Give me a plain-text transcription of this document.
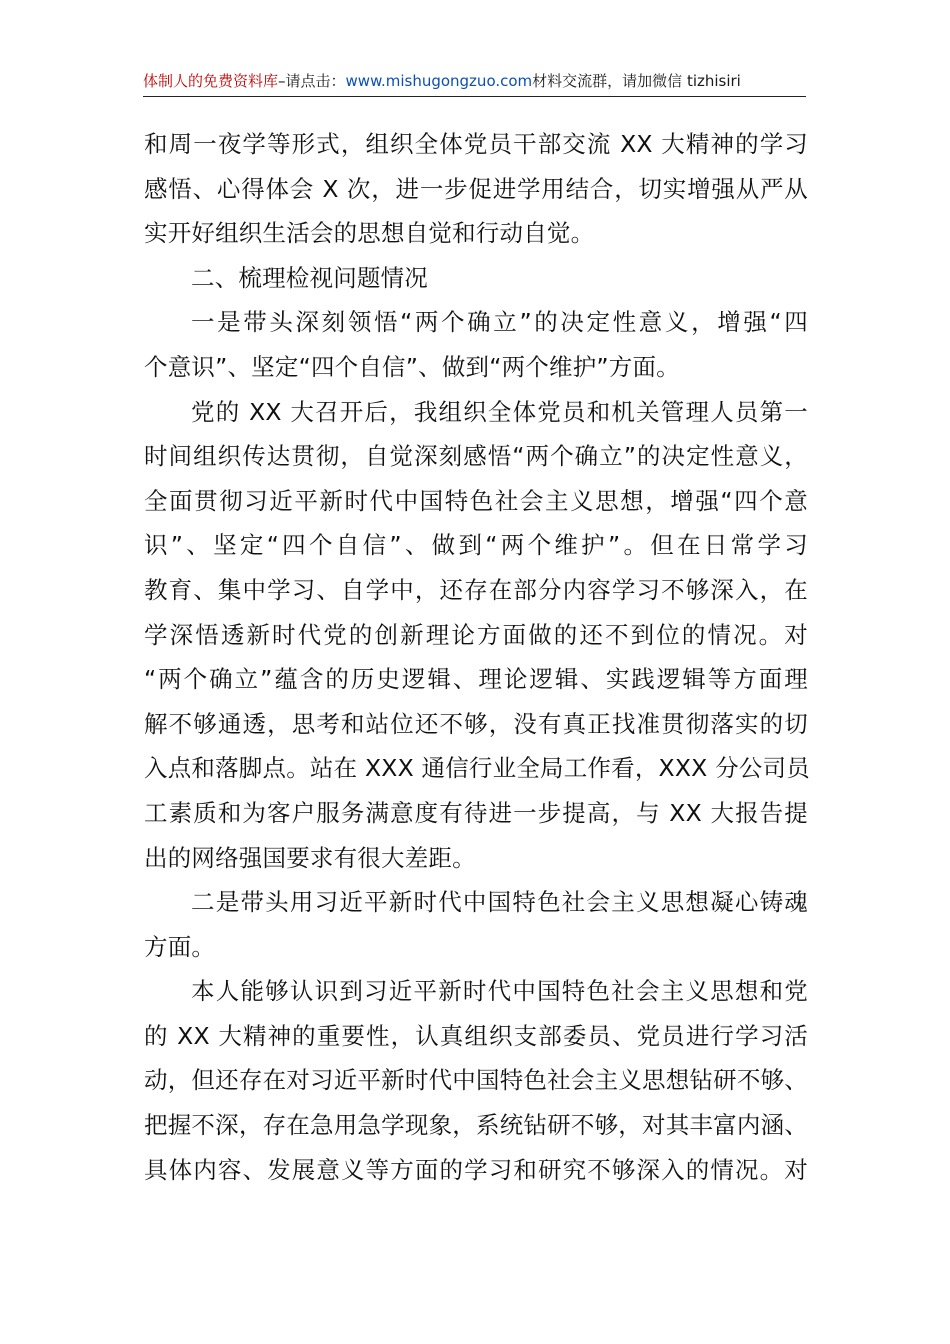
体制人的免费资料库–请点击：www.mishugongzuo.com材料交流群，请加微信 tizhisiri
和周一夜学等形式，组织全体党员干部交流 XX 大精神的学习
感悟、心得体会 X 次，进一步促进学用结合，切实增强从严从
实开好组织生活会的思想自觉和行动自觉。
二、梳理检视问题情况
一是带头深刻领悟“两个确立”的决定性意义，增强“四
个意识”、坚定“四个自信”、做到“两个维护”方面。
党的 XX 大召开后，我组织全体党员和机关管理人员第一
时间组织传达贯彻，自觉深刻感悟“两个确立”的决定性意义，
全面贯彻习近平新时代中国特色社会主义思想，增强“四个意
识”、坚定“四个自信”、做到“两个维护”。但在日常学习
教育、集中学习、自学中，还存在部分内容学习不够深入，在
学深悟透新时代党的创新理论方面做的还不到位的情况。对
“两个确立”蕴含的历史逻辑、理论逻辑、实践逻辑等方面理
解不够通透，思考和站位还不够，没有真正找准贯彻落实的切
入点和落脚点。站在 XXX 通信行业全局工作看，XXX 分公司员
工素质和为客户服务满意度有待进一步提高，与 XX 大报告提
出的网络强国要求有很大差距。
二是带头用习近平新时代中国特色社会主义思想凝心铸魂
方面。
本人能够认识到习近平新时代中国特色社会主义思想和党
的 XX 大精神的重要性，认真组织支部委员、党员进行学习活
动，但还存在对习近平新时代中国特色社会主义思想钻研不够、
把握不深，存在急用急学现象，系统钻研不够，对其丰富内涵、
具体内容、发展意义等方面的学习和研究不够深入的情况。对
